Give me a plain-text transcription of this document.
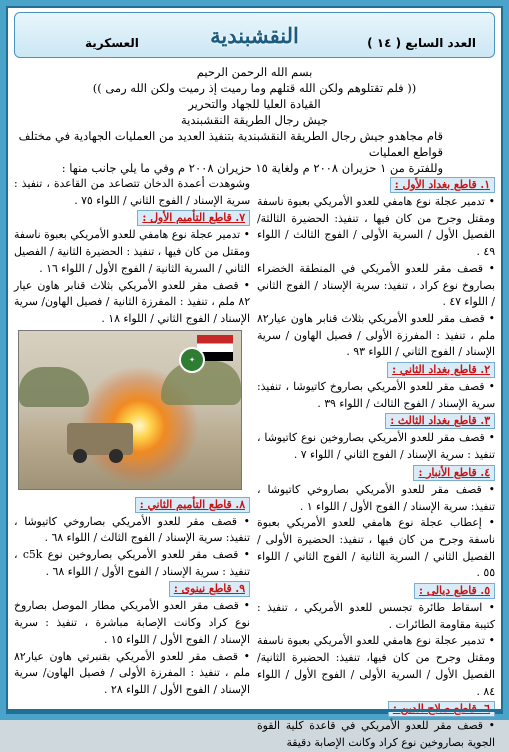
النقشبندية	العدد السابع ( ١٤ )
العسكرية
بسم الله الرحمن الرحيم
(( فلم تقتلوهم ولكن الله قتلهم وما رميت إذ رميت ولكن الله رمى ))
القيادة العليا للجهاد والتحرير
جيش رجال الطريقة النقشبندية
قام مجاهدو جيش رجال الطريقة النقشبندية بتنفيذ العديد من العمليات الجهادية في مختلف قواطع العمليات
وللفترة من ١ حزيران ٢٠٠٨ م ولغاية ١٥ حزيران ٢٠٠٨ م وفي ما يلي جانب منها :
١. قاطع بغداد الأول :

• تدمير عجلة نوع هامفي للعدو الأمريكي بعبوة ناسفة ومقتل وجرح من كان فيها ، تنفيذ: الحضيرة الثالثة/الفصيل الأول / السرية الأولى / الفوج الثالث / اللواء ٤٩ .

• قصف مقر للعدو الأمريكي في المنطقة الخضراء بصاروخ نوع كراد ، تنفيذ: سرية الإسناد / الفوج الثاني / اللواء ٤٧ .

• قصف مقر للعدو الأمريكي بثلاث قنابر هاون عيار٨٢ ملم ، تنفيذ : المفرزة الأولى / فصيل الهاون / سرية الإسناد / الفوج الثاني / اللواء ٩٣ .

٢. قاطع بغداد الثاني :

• قصف مقر للعدو الأمريكي بصاروخ كاتيوشا ، تنفيذ: سرية الإسناد / الفوج الثالث / اللواء ٣٩ .

٣. قاطع بغداد الثالث :

• قصف مقر للعدو الأمريكي بصاروخين نوع كاتيوشا ، تنفيذ : سرية الإسناد / الفوج الثاني / اللواء ٧ .

٤. قاطع الأنبار :

• قصف مقر للعدو الأمريكي بصاروخي كاتيوشا ، تنفيذ: سرية الإسناد / الفوج الأول / اللواء ١ .

• إعطاب عجلة نوع هامفي للعدو الأمريكي بعبوة ناسفة وجرح من كان فيها ، تنفيذ: الحضيرة الأولى / الفصيل الثاني / السرية الثانية / الفوج الثاني / اللواء ٥٥ .

٥. قاطع ديالى :

• اسقاط طائرة تجسس للعدو الأمريكي ، تنفيذ : كتيبة مقاومة الطائرات .

• تدمير عجلة نوع هامفي للعدو الأمريكي بعبوة ناسفة ومقتل وجرح من كان فيها، تنفيذ: الحضيرة الثانية/الفصيل الأول / السرية الأولى / الفوج الأول / اللواء ٨٤ .

• قصف مقر للعدو الأمريكي في قاعدة كلية القوة الجوية بصاروخين نوع كراد وكانت الإصابة دقيقة

وشوهدت أعمدة الدخان تتصاعد من القاعدة ، تنفيذ : سرية الإسناد / الفوج الثاني / اللواء ٧٥ .

٧. قاطع التأميم الأول :

• تدمير عجلة نوع هامفي للعدو الأمريكي بعبوة ناسفة ومقتل من كان فيها ، تنفيذ : الحضيرة الثانية / الفصيل الثاني / السرية الثانية / الفوج الأول / اللواء ١٦ .

• قصف مقر للعدو الأمريكي بثلاث قنابر هاون عيار ٨٢ ملم ، تنفيذ : المفرزة الثانية / فصيل الهاون/ سرية الإسناد / الفوج الثاني / اللواء ١٨ .

٨. قاطع التأميم الثاني :

• قصف مقر للعدو الأمريكي بصاروخي كاتيوشا ، تنفيذ: سرية الإسناد / الفوج الثالث / اللواء ٦٨ .

• قصف مقر للعدو الأمريكي بصاروخين نوع c5k ، تنفيذ : سرية الإسناد / الفوج الأول / اللواء ٦٨ .

٩. قاطع نينوى :

• قصف مقر العدو الأمريكي مطار الموصل بصاروخ نوع كراد وكانت الإصابة مباشرة ، تنفيذ : سرية الإسناد / الفوج الأول / اللواء ١٥ .

• قصف مقر للعدو الأمريكي بقنبرتي هاون عيار٨٢ ملم ، تنفيذ : المفرزة الأولى / فصيل الهاون/ سرية الإسناد / الفوج الأول / اللواء ٢٨ .

✦
